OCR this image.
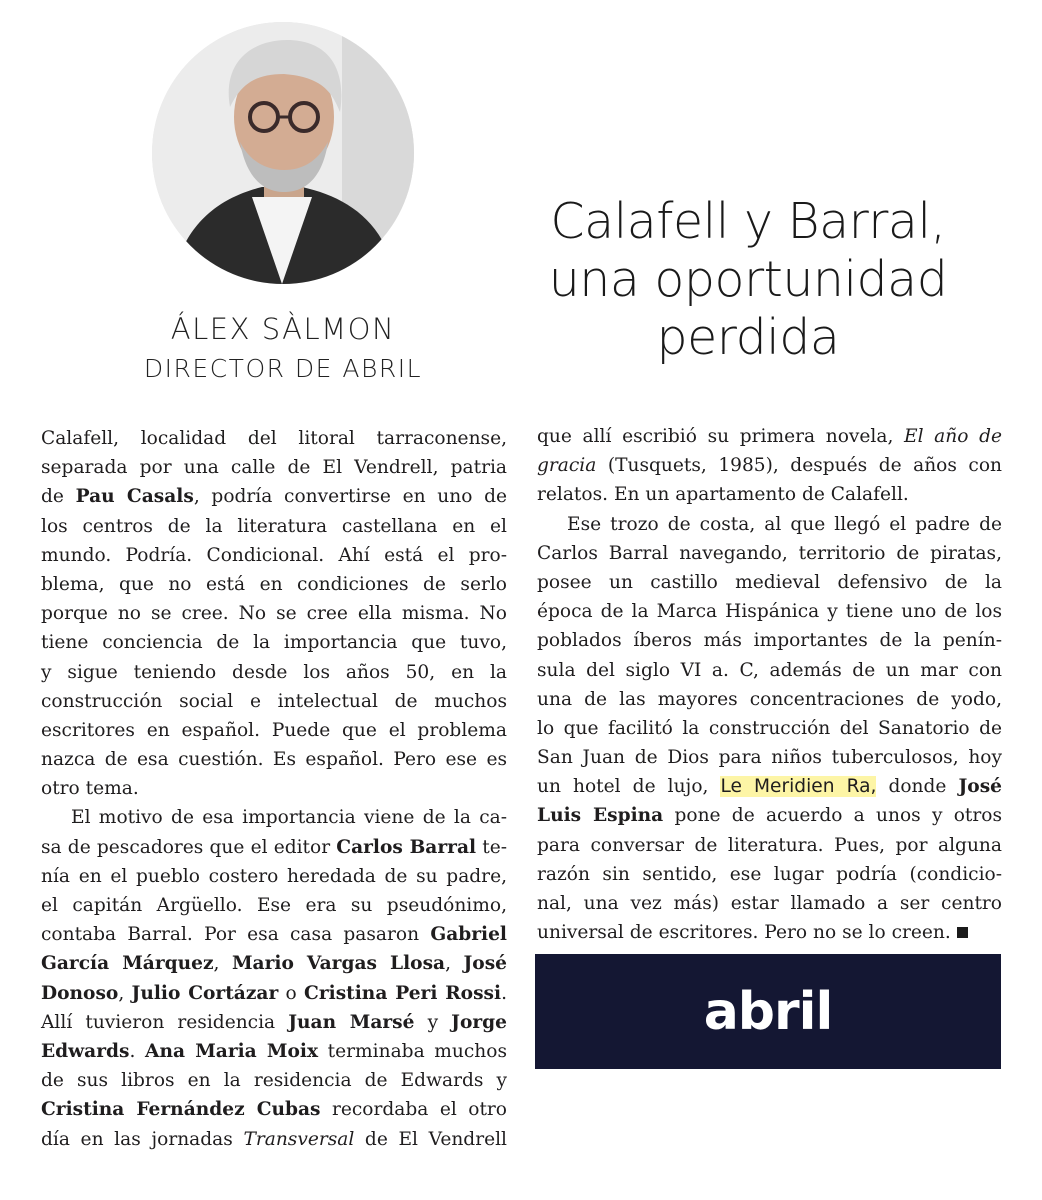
ÁLEX SÀLMON
DIRECTOR DE ABRIL
Calafell y Barral,
una oportunidad
perdida
Calafell, localidad del litoral tarraconense,
separada por una calle de El Vendrell, patria
de Pau Casals, podría convertirse en uno de
los centros de la literatura castellana en el
mundo. Podría. Condicional. Ahí está el pro-
blema, que no está en condiciones de serlo
porque no se cree. No se cree ella misma. No
tiene conciencia de la importancia que tuvo,
y sigue teniendo desde los años 50, en la
construcción social e intelectual de muchos
escritores en español. Puede que el problema
nazca de esa cuestión. Es español. Pero ese es
otro tema.
El motivo de esa importancia viene de la ca-
sa de pescadores que el editor Carlos Barral te-
nía en el pueblo costero heredada de su padre,
el capitán Argüello. Ese era su pseudónimo,
contaba Barral. Por esa casa pasaron Gabriel
García Márquez, Mario Vargas Llosa, José
Donoso, Julio Cortázar o Cristina Peri Rossi.
Allí tuvieron residencia Juan Marsé y Jorge
Edwards. Ana Maria Moix terminaba muchos
de sus libros en la residencia de Edwards y
Cristina Fernández Cubas recordaba el otro
día en las jornadas Transversal de El Vendrell
que allí escribió su primera novela, El año de
gracia (Tusquets, 1985), después de años con
relatos. En un apartamento de Calafell.
Ese trozo de costa, al que llegó el padre de
Carlos Barral navegando, territorio de piratas,
posee un castillo medieval defensivo de la
época de la Marca Hispánica y tiene uno de los
poblados íberos más importantes de la penín-
sula del siglo VI a. C, además de un mar con
una de las mayores concentraciones de yodo,
lo que facilitó la construcción del Sanatorio de
San Juan de Dios para niños tuberculosos, hoy
un hotel de lujo, Le Meridien Ra, donde José
Luis Espina pone de acuerdo a unos y otros
para conversar de literatura. Pues, por alguna
razón sin sentido, ese lugar podría (condicio-
nal, una vez más) estar llamado a ser centro
universal de escritores. Pero no se lo creen.
abril
